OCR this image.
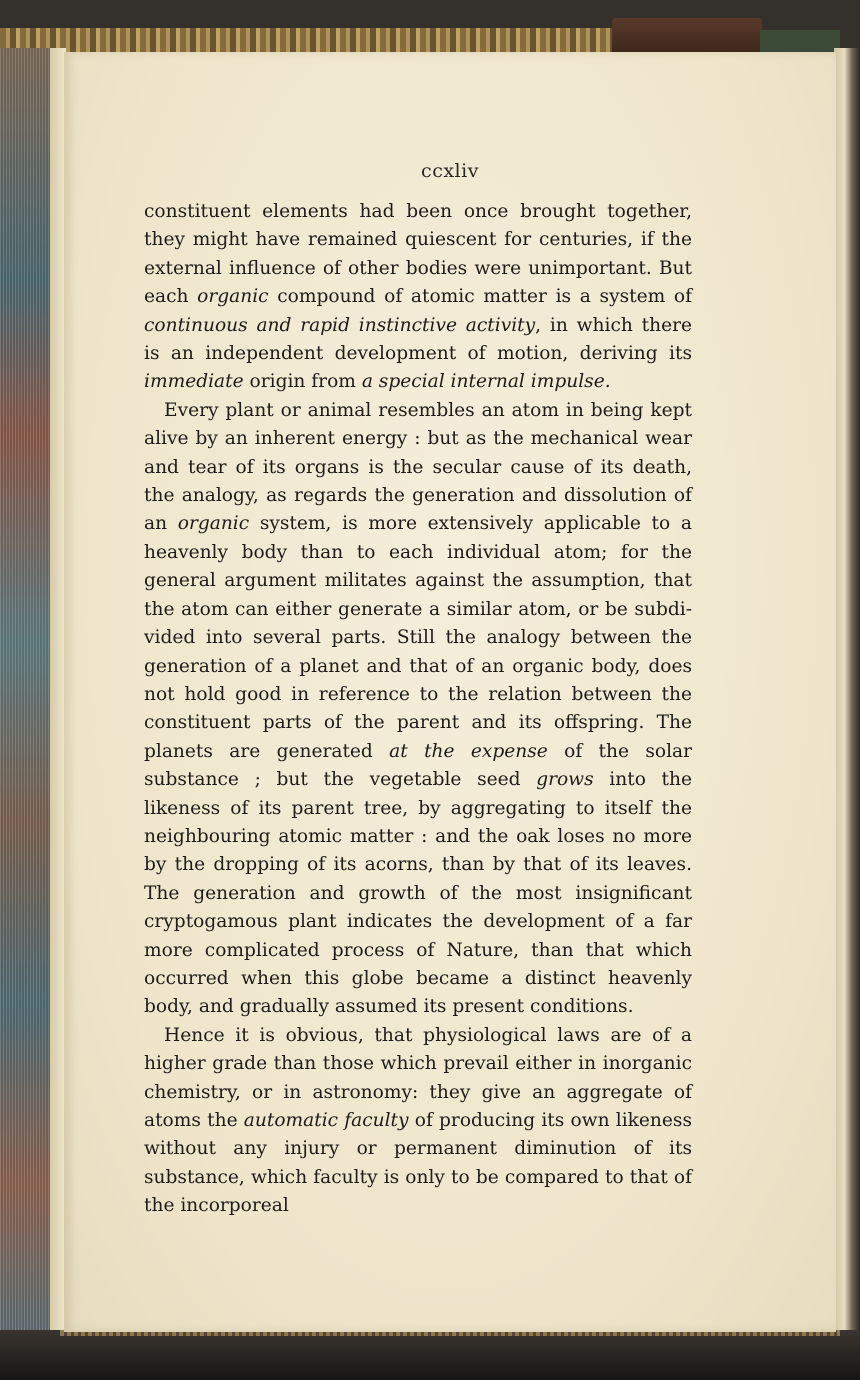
ccxliv

constituent elements had been once brought together, they might have remained quiescent for centuries, if the external influence of other bodies were unimportant. But each organic compound of atomic matter is a system of continuous and rapid instinctive activity, in which there is an independent development of motion, deriving its immediate origin from a special internal impulse.

Every plant or animal resembles an atom in being kept alive by an inherent energy : but as the mechanical wear and tear of its organs is the secular cause of its death, the analogy, as regards the generation and dissolution of an organic system, is more extensively applicable to a heavenly body than to each individual atom; for the general argument militates against the assumption, that the atom can either generate a similar atom, or be subdivided into several parts. Still the analogy between the generation of a planet and that of an organic body, does not hold good in reference to the relation between the constituent parts of the parent and its offspring. The planets are generated at the expense of the solar substance ; but the vegetable seed grows into the likeness of its parent tree, by aggregating to itself the neighbouring atomic matter : and the oak loses no more by the dropping of its acorns, than by that of its leaves. The generation and growth of the most insignificant cryptogamous plant indicates the development of a far more complicated process of Nature, than that which occurred when this globe became a distinct heavenly body, and gradually assumed its present conditions.

Hence it is obvious, that physiological laws are of a higher grade than those which prevail either in inorganic chemistry, or in astronomy: they give an aggregate of atoms the automatic faculty of producing its own likeness without any injury or permanent diminution of its substance, which faculty is only to be compared to that of the incorporeal
